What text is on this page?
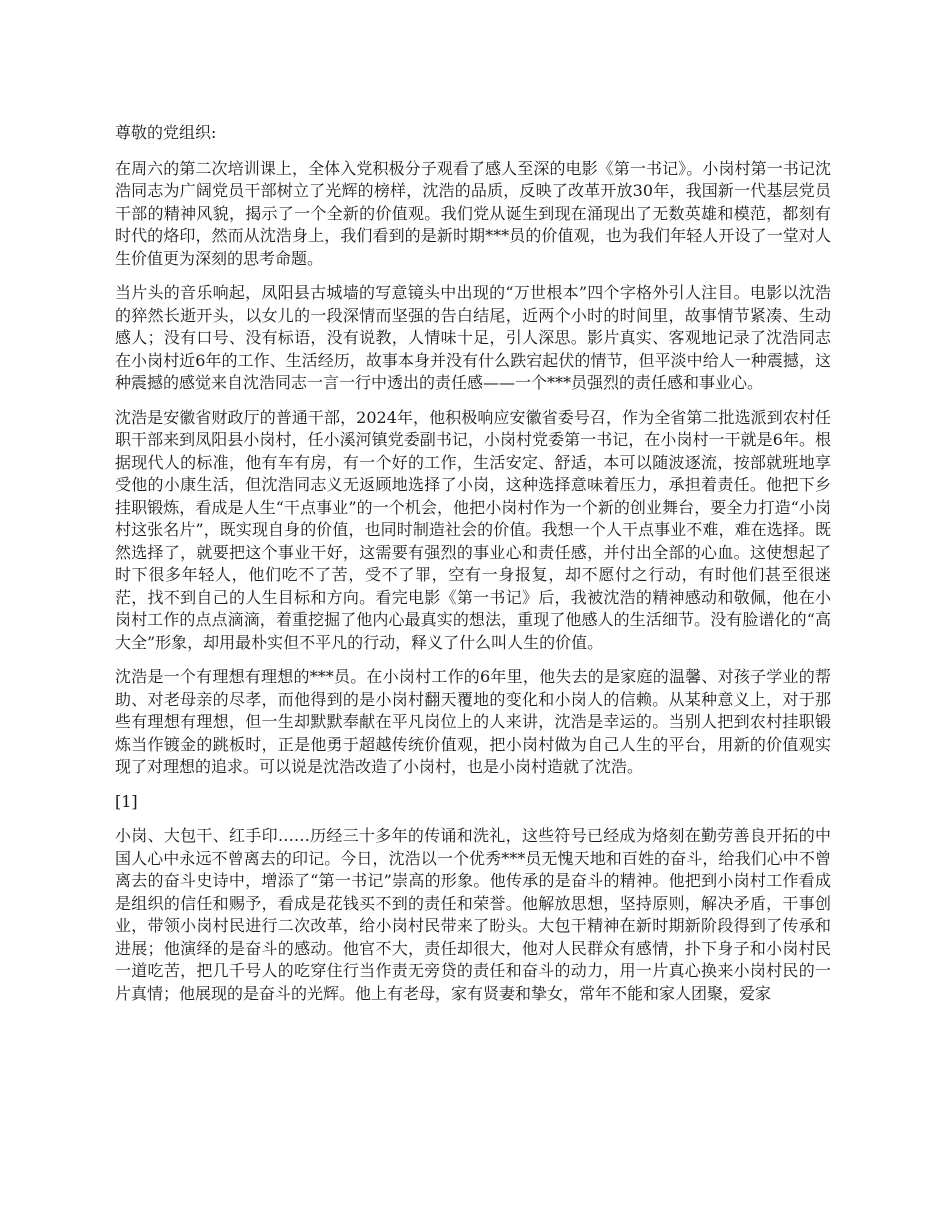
尊敬的党组织:

在周六的第二次培训课上，全体入党积极分子观看了感人至深的电影《第一书记》。小岗村第一书记沈浩同志为广阔党员干部树立了光辉的榜样，沈浩的品质，反映了改革开放30年，我国新一代基层党员干部的精神风貌，揭示了一个全新的价值观。我们党从诞生到现在涌现出了无数英雄和模范，都刻有时代的烙印，然而从沈浩身上，我们看到的是新时期***员的价值观，也为我们年轻人开设了一堂对人生价值更为深刻的思考命题。

当片头的音乐响起，凤阳县古城墙的写意镜头中出现的“万世根本”四个字格外引人注目。电影以沈浩的猝然长逝开头，以女儿的一段深情而坚强的告白结尾，近两个小时的时间里，故事情节紧凑、生动感人；没有口号、没有标语，没有说教，人情味十足，引人深思。影片真实、客观地记录了沈浩同志在小岗村近6年的工作、生活经历，故事本身并没有什么跌宕起伏的情节，但平淡中给人一种震撼，这种震撼的感觉来自沈浩同志一言一行中透出的责任感——一个***员强烈的责任感和事业心。

沈浩是安徽省财政厅的普通干部，2024年，他积极响应安徽省委号召，作为全省第二批选派到农村任职干部来到凤阳县小岗村，任小溪河镇党委副书记，小岗村党委第一书记，在小岗村一干就是6年。根据现代人的标准，他有车有房，有一个好的工作，生活安定、舒适，本可以随波逐流，按部就班地享受他的小康生活，但沈浩同志义无返顾地选择了小岗，这种选择意味着压力，承担着责任。他把下乡挂职锻炼，看成是人生“干点事业”的一个机会，他把小岗村作为一个新的创业舞台，要全力打造“小岗村这张名片”，既实现自身的价值，也同时制造社会的价值。我想一个人干点事业不难，难在选择。既然选择了，就要把这个事业干好，这需要有强烈的事业心和责任感，并付出全部的心血。这使想起了时下很多年轻人，他们吃不了苦，受不了罪，空有一身报复，却不愿付之行动，有时他们甚至很迷茫，找不到自己的人生目标和方向。看完电影《第一书记》后，我被沈浩的精神感动和敬佩，他在小岗村工作的点点滴滴，着重挖掘了他内心最真实的想法，重现了他感人的生活细节。没有脸谱化的“高大全”形象，却用最朴实但不平凡的行动，释义了什么叫人生的价值。

沈浩是一个有理想有理想的***员。在小岗村工作的6年里，他失去的是家庭的温馨、对孩子学业的帮助、对老母亲的尽孝，而他得到的是小岗村翻天覆地的变化和小岗人的信赖。从某种意义上，对于那些有理想有理想，但一生却默默奉献在平凡岗位上的人来讲，沈浩是幸运的。当别人把到农村挂职锻炼当作镀金的跳板时，正是他勇于超越传统价值观，把小岗村做为自己人生的平台，用新的价值观实现了对理想的追求。可以说是沈浩改造了小岗村，也是小岗村造就了沈浩。

[1]

小岗、大包干、红手印……历经三十多年的传诵和洗礼，这些符号已经成为烙刻在勤劳善良开拓的中国人心中永远不曾离去的印记。今日，沈浩以一个优秀***员无愧天地和百姓的奋斗，给我们心中不曾离去的奋斗史诗中，增添了“第一书记”崇高的形象。他传承的是奋斗的精神。他把到小岗村工作看成是组织的信任和赐予，看成是花钱买不到的责任和荣誉。他解放思想，坚持原则，解决矛盾，干事创业，带领小岗村民进行二次改革，给小岗村民带来了盼头。大包干精神在新时期新阶段得到了传承和进展；他演绎的是奋斗的感动。他官不大，责任却很大，他对人民群众有感情，扑下身子和小岗村民一道吃苦，把几千号人的吃穿住行当作责无旁贷的责任和奋斗的动力，用一片真心换来小岗村民的一片真情；他展现的是奋斗的光辉。他上有老母，家有贤妻和挚女，常年不能和家人团聚，爱家
